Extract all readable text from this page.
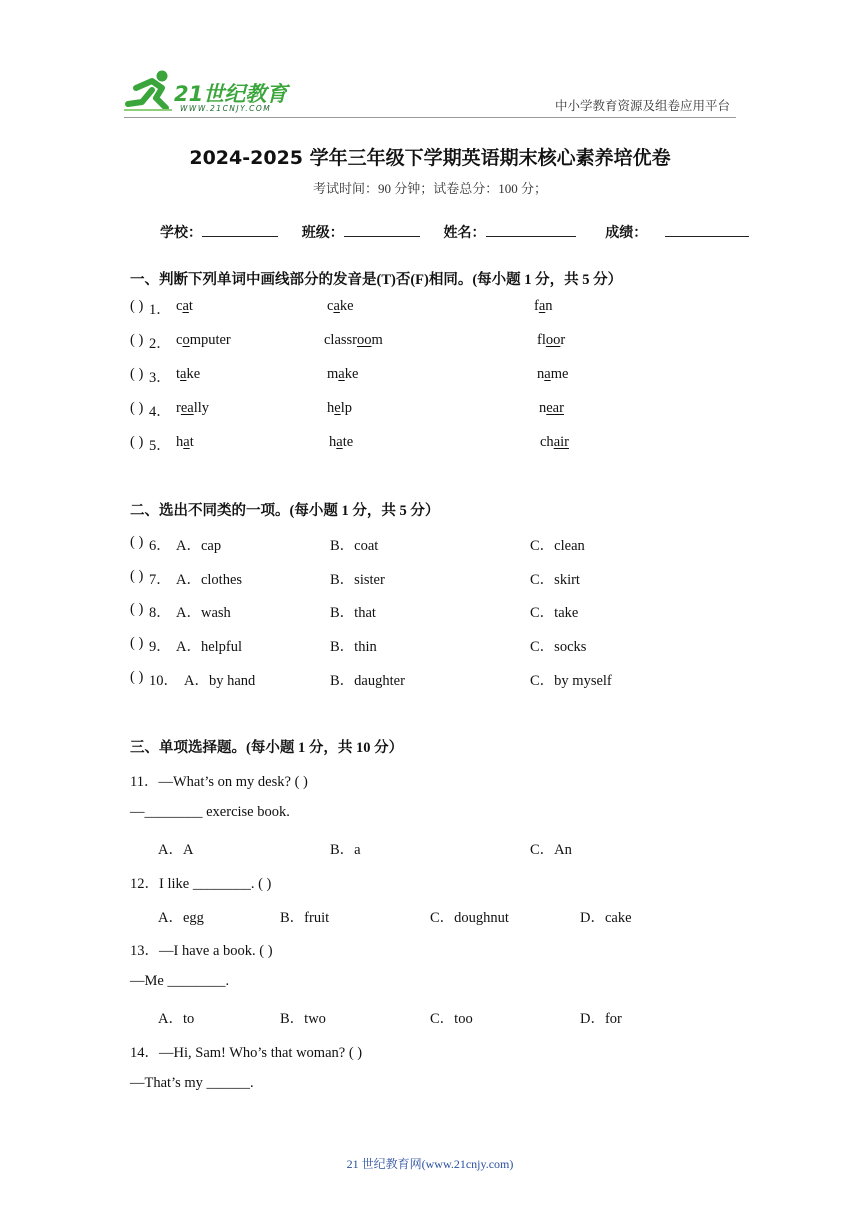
21世纪教育
WWW.21CNJY.COM	中小学教育资源及组卷应用平台
2024-2025 学年三年级下学期英语期末核心素养培优卷
考试时间：90 分钟；试卷总分：100 分；
学校：	班级：	姓名：	成绩：
一、判断下列单词中画线部分的发音是(T)否(F)相同。(每小题 1 分，共 5 分）
( ) 1． cat	cake	fan
( ) 2． computer	classroom	floor
( ) 3． take	make	name
( ) 4． really	help	near
( ) 5． hat	hate	chair
二、选出不同类的一项。(每小题 1 分，共 5 分）
( ) 6． A．cap	B．coat	C．clean
( ) 7． A．clothes	B．sister	C．skirt
( ) 8． A．wash	B．that	C．take
( ) 9． A．helpful	B．thin	C．socks
( ) 10． A．by hand	B．daughter	C．by myself
三、单项选择题。(每小题 1 分，共 10 分）
11．—What’s on my desk? ( )
—________ exercise book.
A．A	B．a	C．An
12．I like ________. ( )
A．egg	B．fruit	C．doughnut	D．cake
13．—I have a book. ( )
—Me ________.
A．to	B．two	C．too	D．for
14．—Hi, Sam! Who’s that woman? ( )
—That’s my ______.
21 世纪教育网(www.21cnjy.com)
